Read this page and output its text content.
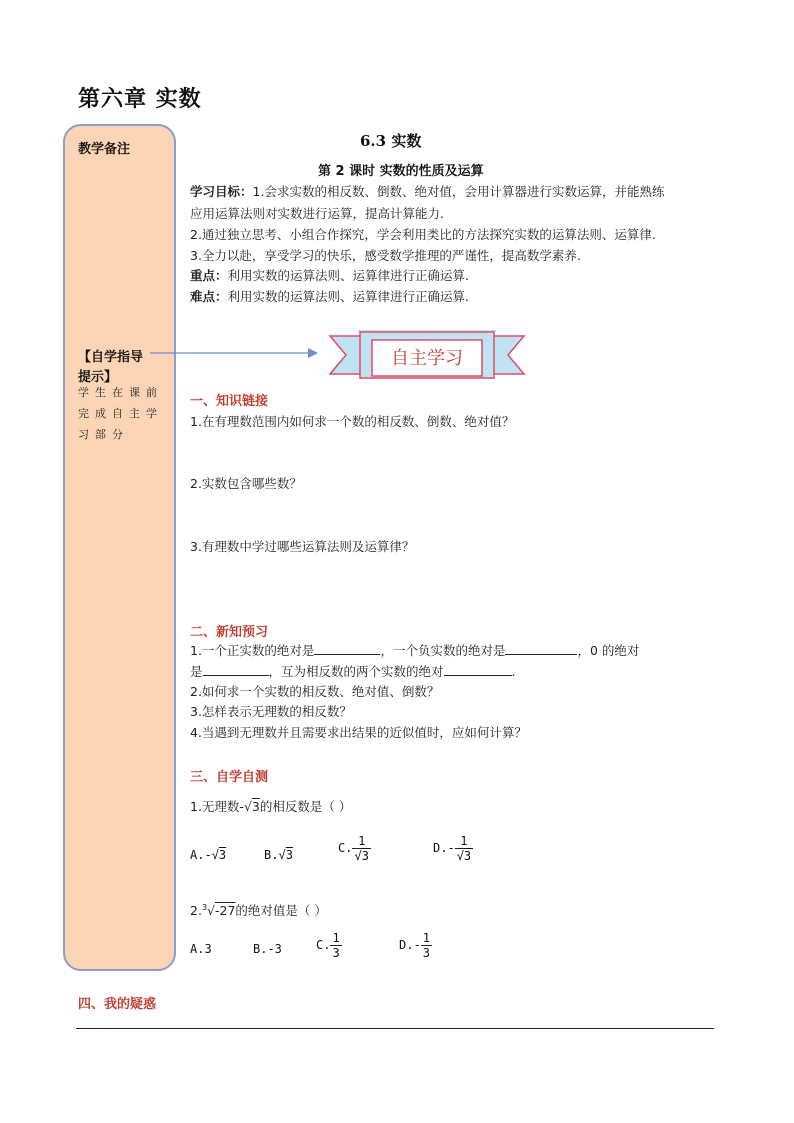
第六章 实数
教学备注
【自学指导
提示】
学生在课前完成自主学习部分
自主学习
6.3 实数
第 2 课时 实数的性质及运算
学习目标：1.会求实数的相反数、倒数、绝对值，会用计算器进行实数运算，并能熟练
应用运算法则对实数进行运算，提高计算能力.
2.通过独立思考、小组合作探究，学会利用类比的方法探究实数的运算法则、运算律.
3.全力以赴，享受学习的快乐，感受数学推理的严谨性，提高数学素养.
重点：利用实数的运算法则、运算律进行正确运算.
难点：利用实数的运算法则、运算律进行正确运算.
一、知识链接
1.在有理数范围内如何求一个数的相反数、倒数、绝对值？
2.实数包含哪些数？
3.有理数中学过哪些运算法则及运算律？
二、新知预习
1.一个正实数的绝对是	，一个负实数的绝对是	，0 的绝对
是	，互为相反数的两个实数的绝对	.
2.如何求一个实数的相反数、绝对值、倒数？
3.怎样表示无理数的相反数？
4.当遇到无理数并且需要求出结果的近似值时，应如何计算？
三、自学自测
1.无理数-√3的相反数是（ ）
A.-√3	B.√3	C. $\frac{1}{√3}$	$D.- \frac{1}{√3}$
2.$^3$√-27的绝对值是（ ）
A.3	B.-3	C. $\frac{1}{3}$	$D.- \frac{1}{3}$
四、我的疑惑
